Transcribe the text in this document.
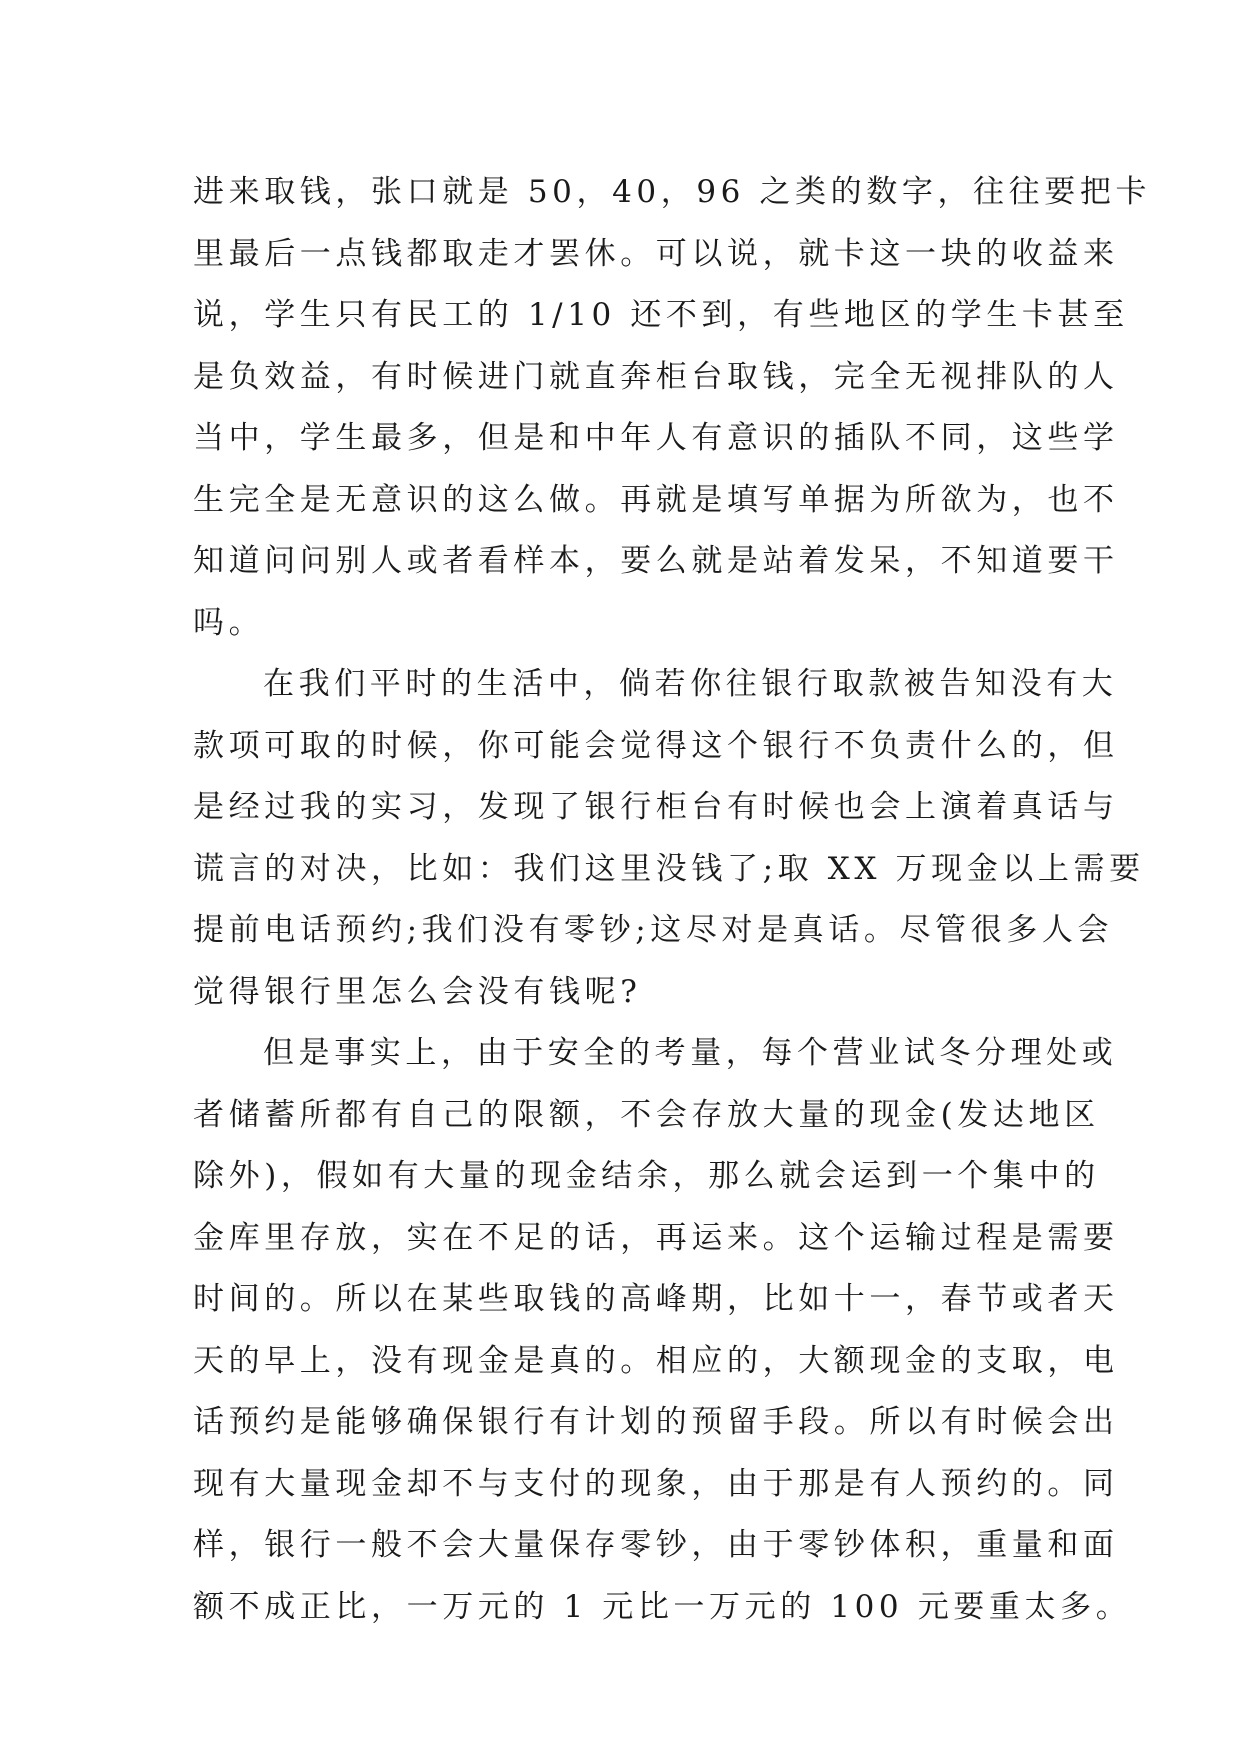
进来取钱，张口就是 50，40，96 之类的数字，往往要把卡
里最后一点钱都取走才罢休。可以说，就卡这一块的收益来
说，学生只有民工的 1/10 还不到，有些地区的学生卡甚至
是负效益，有时候进门就直奔柜台取钱，完全无视排队的人
当中，学生最多，但是和中年人有意识的插队不同，这些学
生完全是无意识的这么做。再就是填写单据为所欲为，也不
知道问问别人或者看样本，要么就是站着发呆，不知道要干
吗。
在我们平时的生活中，倘若你往银行取款被告知没有大
款项可取的时候，你可能会觉得这个银行不负责什么的，但
是经过我的实习，发现了银行柜台有时候也会上演着真话与
谎言的对决，比如：我们这里没钱了;取 XX 万现金以上需要
提前电话预约;我们没有零钞;这尽对是真话。尽管很多人会
觉得银行里怎么会没有钱呢?
但是事实上，由于安全的考量，每个营业试冬分理处或
者储蓄所都有自己的限额，不会存放大量的现金(发达地区
除外)，假如有大量的现金结余，那么就会运到一个集中的
金库里存放，实在不足的话，再运来。这个运输过程是需要
时间的。所以在某些取钱的高峰期，比如十一，春节或者天
天的早上，没有现金是真的。相应的，大额现金的支取，电
话预约是能够确保银行有计划的预留手段。所以有时候会出
现有大量现金却不与支付的现象，由于那是有人预约的。同
样，银行一般不会大量保存零钞，由于零钞体积，重量和面
额不成正比，一万元的 1 元比一万元的 100 元要重太多。
